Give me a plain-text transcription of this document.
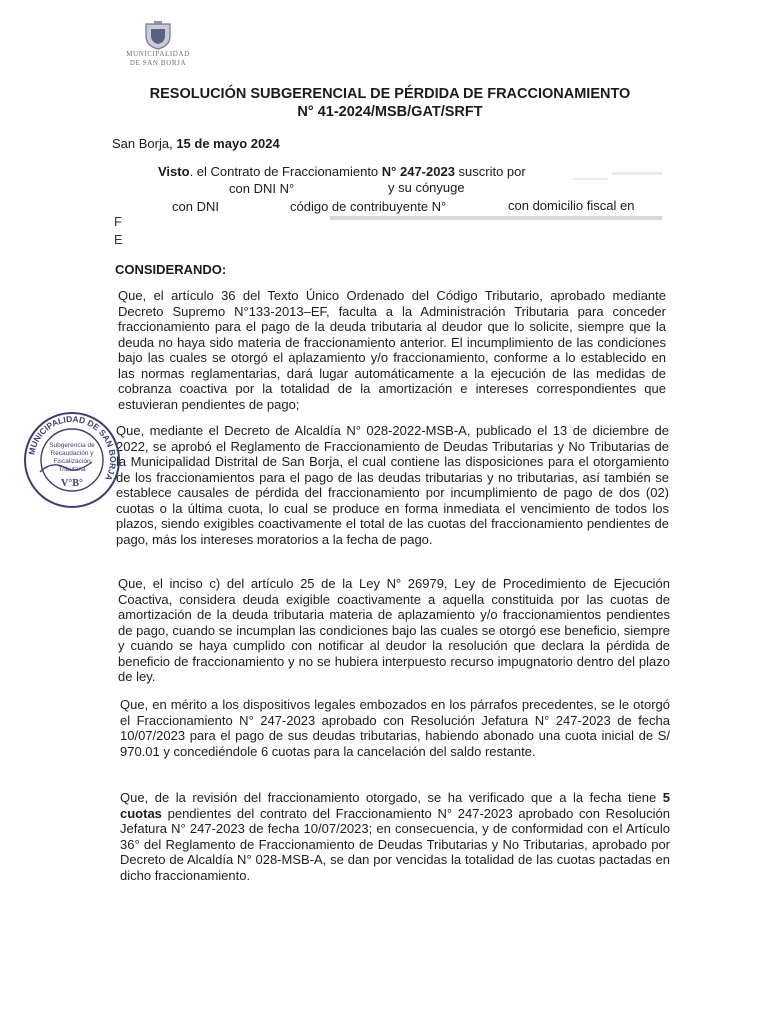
MUNICIPALIDAD
DE SAN BORJA
RESOLUCIÓN SUBGERENCIAL DE PÉRDIDA DE FRACCIONAMIENTO
N° 41-2024/MSB/GAT/SRFT
San Borja, 15 de mayo 2024
Visto. el Contrato de Fraccionamiento N° 247-2023 suscrito por
con DNI N°	y su cónyuge
con DNI	código de contribuyente N°	con domicilio fiscal en
F
E
CONSIDERANDO:
Que, el artículo 36 del Texto Único Ordenado del Código Tributario, aprobado mediante Decreto Supremo N°133-2013–EF, faculta a la Administración Tributaria para conceder fraccionamiento para el pago de la deuda tributaria al deudor que lo solicite, siempre que la deuda no haya sido materia de fraccionamiento anterior. El incumplimiento de las condiciones bajo las cuales se otorgó el aplazamiento y/o fraccionamiento, conforme a lo establecido en las normas reglamentarias, dará lugar automáticamente a la ejecución de las medidas de cobranza coactiva por la totalidad de la amortización e intereses correspondientes que estuvieran pendientes de pago;
Que, mediante el Decreto de Alcaldía N° 028-2022-MSB-A, publicado el 13 de diciembre de 2022, se aprobó el Reglamento de Fraccionamiento de Deudas Tributarias y No Tributarias de la Municipalidad Distrital de San Borja, el cual contiene las disposiciones para el otorgamiento de los fraccionamientos para el pago de las deudas tributarias y no tributarias, así también se establece causales de pérdida del fraccionamiento por incumplimiento de pago de dos (02) cuotas o la última cuota, lo cual se produce en forma inmediata el vencimiento de todos los plazos, siendo exigibles coactivamente el total de las cuotas del fraccionamiento pendientes de pago, más los intereses moratorios a la fecha de pago.
Que, el inciso c) del artículo 25 de la Ley N° 26979, Ley de Procedimiento de Ejecución Coactiva, considera deuda exigible coactivamente a aquella constituida por las cuotas de amortización de la deuda tributaria materia de aplazamiento y/o fraccionamientos pendientes de pago, cuando se incumplan las condiciones bajo las cuales se otorgó ese beneficio, siempre y cuando se haya cumplido con notificar al deudor la resolución que declara la pérdida de beneficio de fraccionamiento y no se hubiera interpuesto recurso impugnatorio dentro del plazo de ley.
Que, en mérito a los dispositivos legales embozados en los párrafos precedentes, se le otorgó el Fraccionamiento N° 247-2023 aprobado con Resolución Jefatura N° 247-2023 de fecha 10/07/2023 para el pago de sus deudas tributarias, habiendo abonado una cuota inicial de S/ 970.01 y concediéndole 6 cuotas para la cancelación del saldo restante.
Que, de la revisión del fraccionamiento otorgado, se ha verificado que a la fecha tiene 5 cuotas pendientes del contrato del Fraccionamiento N° 247-2023 aprobado con Resolución Jefatura N° 247-2023 de fecha 10/07/2023; en consecuencia, y de conformidad con el Artículo 36° del Reglamento de Fraccionamiento de Deudas Tributarias y No Tributarias, aprobado por Decreto de Alcaldía N° 028-MSB-A, se dan por vencidas la totalidad de las cuotas pactadas en dicho fraccionamiento.
MUNICIPALIDAD DE SAN BORJA
Subgerencia de
Recaudación y
Fiscalización
Tributaria
V°B°
